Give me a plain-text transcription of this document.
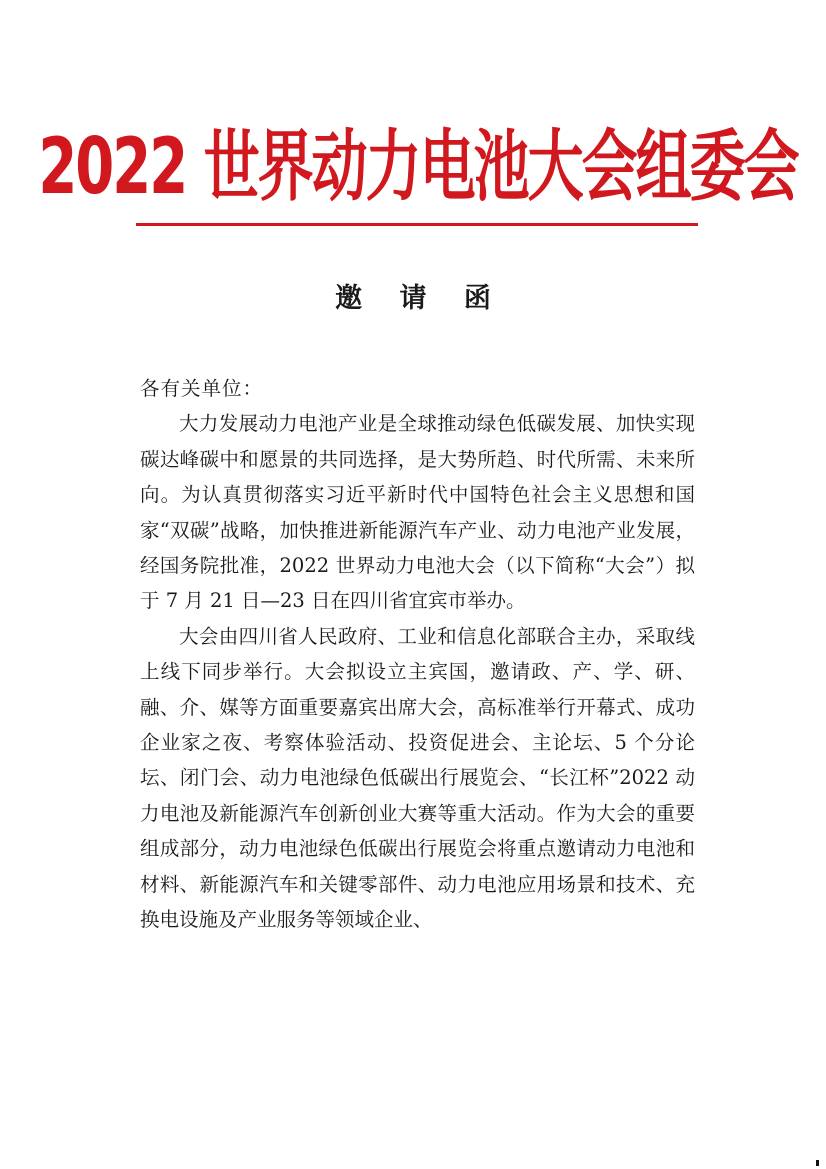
2022 世界动力电池大会组委会
邀 请 函

各有关单位：

大力发展动力电池产业是全球推动绿色低碳发展、加快实现碳达峰碳中和愿景的共同选择，是大势所趋、时代所需、未来所向。为认真贯彻落实习近平新时代中国特色社会主义思想和国家“双碳”战略，加快推进新能源汽车产业、动力电池产业发展，经国务院批准，2022 世界动力电池大会（以下简称“大会”）拟于 7 月 21 日—23 日在四川省宜宾市举办。

大会由四川省人民政府、工业和信息化部联合主办，采取线上线下同步举行。大会拟设立主宾国，邀请政、产、学、研、融、介、媒等方面重要嘉宾出席大会，高标准举行开幕式、成功企业家之夜、考察体验活动、投资促进会、主论坛、5 个分论坛、闭门会、动力电池绿色低碳出行展览会、“长江杯”2022 动力电池及新能源汽车创新创业大赛等重大活动。作为大会的重要组成部分，动力电池绿色低碳出行展览会将重点邀请动力电池和材料、新能源汽车和关键零部件、动力电池应用场景和技术、充换电设施及产业服务等领域企业、
